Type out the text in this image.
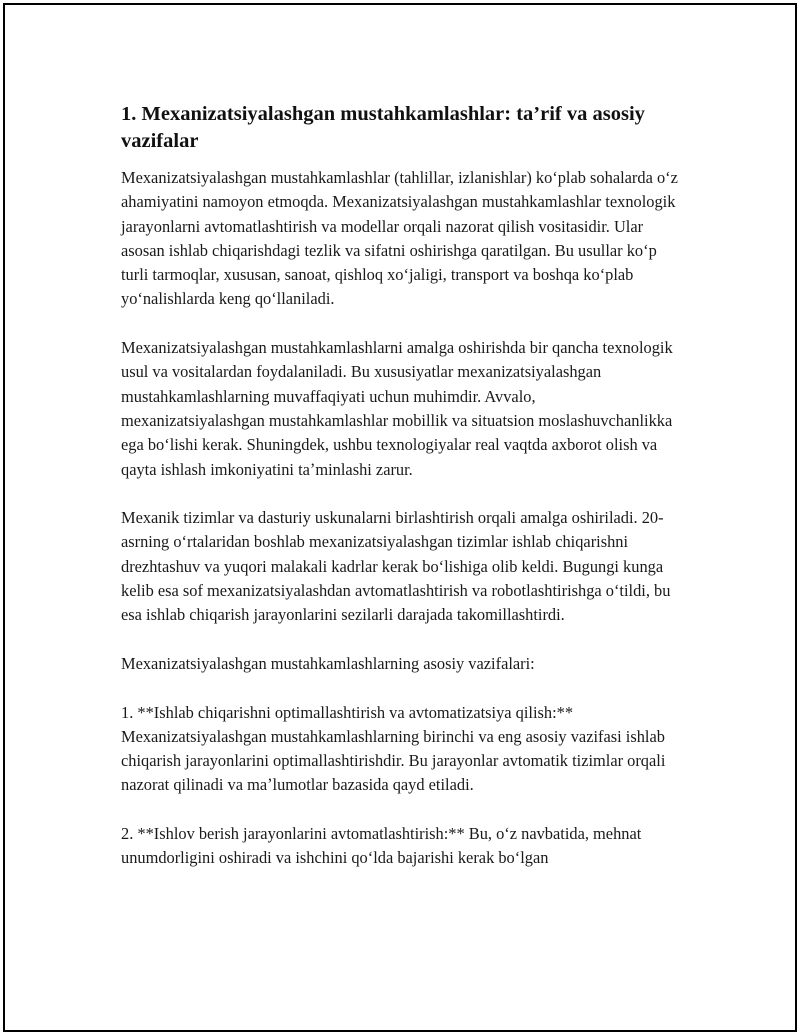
1. Mexanizatsiyalashgan mustahkamlashlar: ta’rif va asosiy vazifalar

Mexanizatsiyalashgan mustahkamlashlar (tahlillar, izlanishlar) koʻplab sohalarda oʻz ahamiyatini namoyon etmoqda. Mexanizatsiyalashgan mustahkamlashlar texnologik jarayonlarni avtomatlashtirish va modellar orqali nazorat qilish vositasidir. Ular asosan ishlab chiqarishdagi tezlik va sifatni oshirishga qaratilgan. Bu usullar koʻp turli tarmoqlar, xususan, sanoat, qishloq xoʻjaligi, transport va boshqa koʻplab yoʻnalishlarda keng qoʻllaniladi.

Mexanizatsiyalashgan mustahkamlashlarni amalga oshirishda bir qancha texnologik usul va vositalardan foydalaniladi. Bu xususiyatlar mexanizatsiyalashgan mustahkamlashlarning muvaffaqiyati uchun muhimdir. Avvalo, mexanizatsiyalashgan mustahkamlashlar mobillik va situatsion moslashuvchanlikka ega boʻlishi kerak. Shuningdek, ushbu texnologiyalar real vaqtda axborot olish va qayta ishlash imkoniyatini taʼminlashi zarur.

Mexanik tizimlar va dasturiy uskunalarni birlashtirish orqali amalga oshiriladi. 20-asrning oʻrtalaridan boshlab mexanizatsiyalashgan tizimlar ishlab chiqarishni drezhtashuv va yuqori malakali kadrlar kerak boʻlishiga olib keldi. Bugungi kunga kelib esa sof mexanizatsiyalashdan avtomatlashtirish va robotlashtirishga oʻtildi, bu esa ishlab chiqarish jarayonlarini sezilarli darajada takomillashtirdi.

Mexanizatsiyalashgan mustahkamlashlarning asosiy vazifalari:

1. **Ishlab chiqarishni optimallashtirish va avtomatizatsiya qilish:** Mexanizatsiyalashgan mustahkamlashlarning birinchi va eng asosiy vazifasi ishlab chiqarish jarayonlarini optimallashtirishdir. Bu jarayonlar avtomatik tizimlar orqali nazorat qilinadi va maʼlumotlar bazasida qayd etiladi.

2. **Ishlov berish jarayonlarini avtomatlashtirish:** Bu, oʻz navbatida, mehnat unumdorligini oshiradi va ishchini qoʻlda bajarishi kerak boʻlgan
